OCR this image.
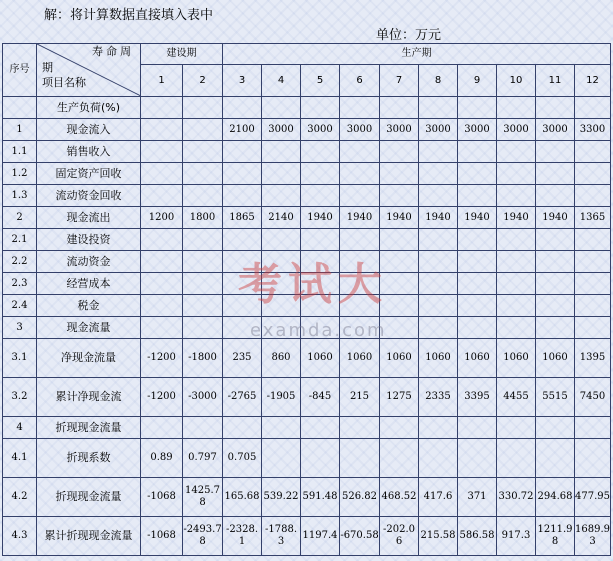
解：将计算数据直接填入表中
单位：万元
序号	寿命周
期
项目名称	建设期		生产期									
		1	2	3	4	5	6	7	8	9	10	11	12
	生产负荷(%)												
1	现金流入			2100	3000	3000	3000	3000	3000	3000	3000	3000	3300
1.1	销售收入												
1.2	固定资产回收												
1.3	流动资金回收												
2	现金流出	1200	1800	1865	2140	1940	1940	1940	1940	1940	1940	1940	1365
2.1	建设投资												
2.2	流动资金												
2.3	经营成本												
2.4	税金												
3	现金流量												
3.1	净现金流量	-1200	-1800	235	860	1060	1060	1060	1060	1060	1060	1060	1395
3.2	累计净现金流	-1200	-3000	-2765	-1905	-845	215	1275	2335	3395	4455	5515	7450
4	折现现金流量												
4.1	折现系数	0.89	0.797	0.705									
4.2	折现现金流量	-1068	1425.78	165.68	539.22	591.48	526.82	468.52	417.6	371	330.72	294.68	477.95
4.3	累计折现现金流量	-1068	-2493.78	-2328.1	-1788.3	1197.4	-670.58	-202.06	215.58	586.58	917.3	1211.98	1689.93
考试大
examda.com
